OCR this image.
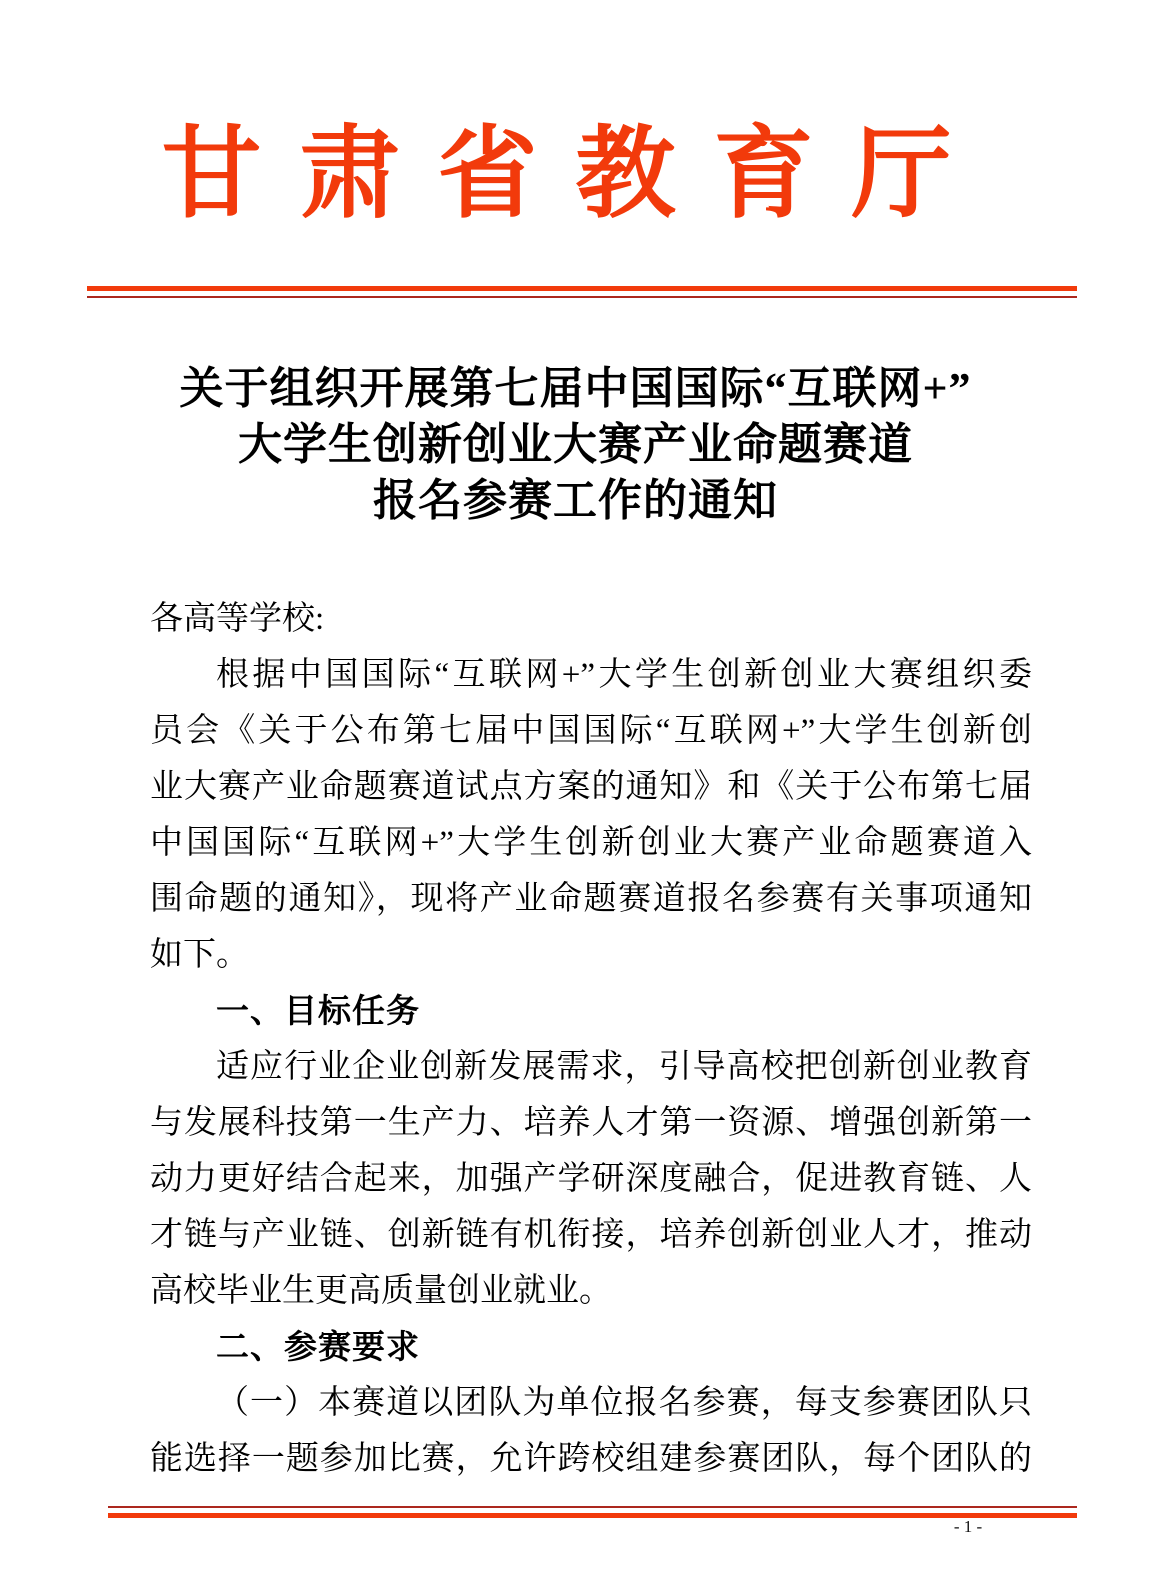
甘肃省教育厅
关于组织开展第七届中国国际“互联网+”
大学生创新创业大赛产业命题赛道
报名参赛工作的通知
各高等学校:
根据中国国际“互联网+”大学生创新创业大赛组织委
员会《关于公布第七届中国国际“互联网+”大学生创新创
业大赛产业命题赛道试点方案的通知》和《关于公布第七届
中国国际“互联网+”大学生创新创业大赛产业命题赛道入
围命题的通知》，现将产业命题赛道报名参赛有关事项通知
如下。
一、目标任务
适应行业企业创新发展需求，引导高校把创新创业教育
与发展科技第一生产力、培养人才第一资源、增强创新第一
动力更好结合起来，加强产学研深度融合，促进教育链、人
才链与产业链、创新链有机衔接，培养创新创业人才，推动
高校毕业生更高质量创业就业。
二、参赛要求
（一）本赛道以团队为单位报名参赛，每支参赛团队只
能选择一题参加比赛，允许跨校组建参赛团队，每个团队的
- 1 -
